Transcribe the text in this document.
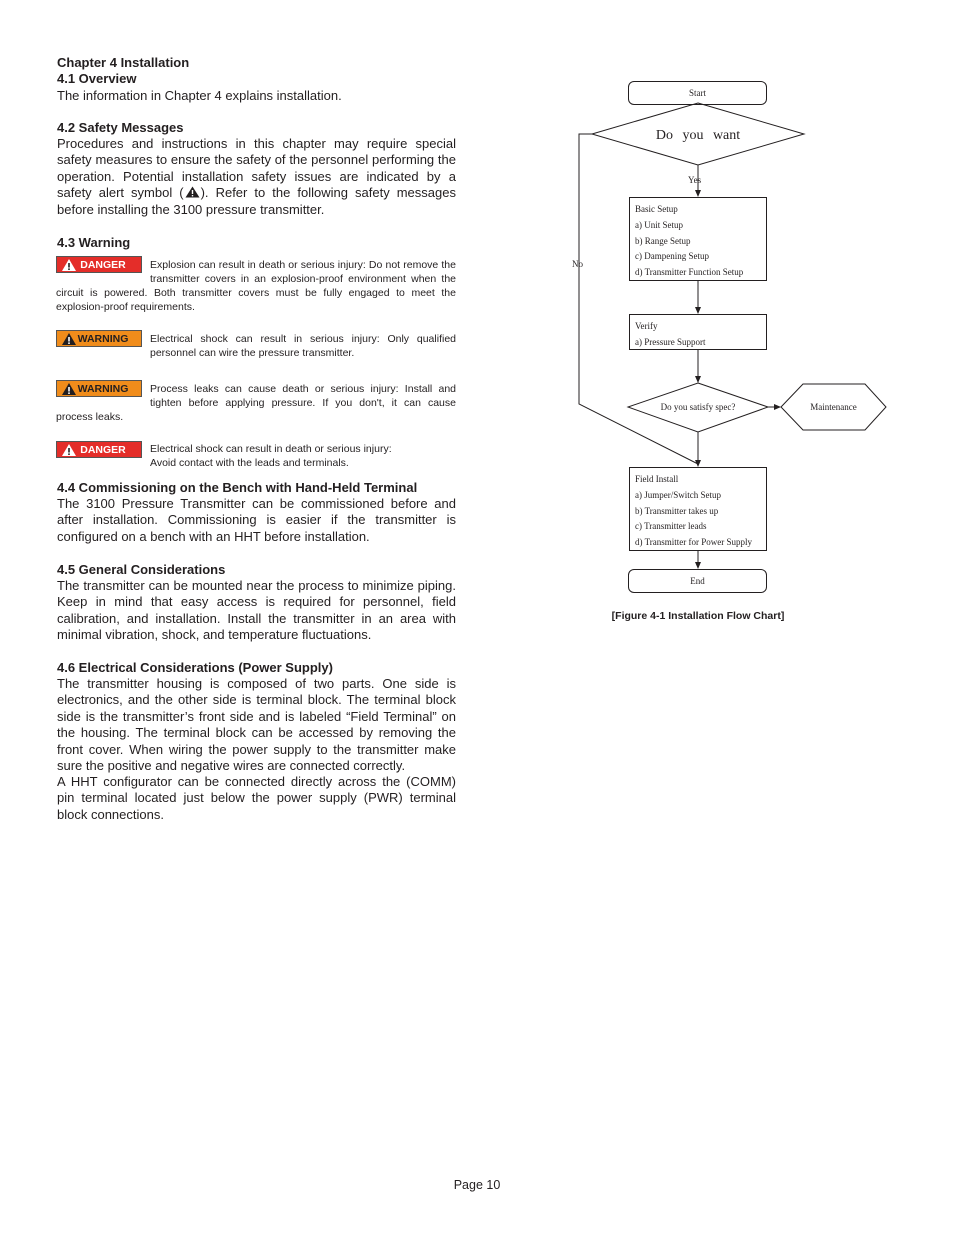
Chapter 4 Installation
4.1 Overview
The information in Chapter 4 explains installation.
4.2 Safety Messages
Procedures and instructions in this chapter may require special safety measures to ensure the safety of the personnel performing the operation. Potential installation safety issues are indicated by a safety alert symbol ( ). Refer to the following safety messages before installing the 3100 pressure transmitter.
4.3 Warning
DANGER	Explosion can result in death or serious injury: Do not remove the transmitter covers in an explosion-proof environment when the circuit is powered. Both transmitter covers must be fully engaged to meet the explosion-proof requirements.
WARNING	Electrical shock can result in serious injury: Only qualified personnel can wire the pressure transmitter.
WARNING	Process leaks can cause death or serious injury: Install and tighten before applying pressure. If you don't, it can cause process leaks.
DANGER	Electrical shock can result in death or serious injury:
Avoid contact with the leads and terminals.
4.4 Commissioning on the Bench with Hand-Held Terminal
The 3100 Pressure Transmitter can be commissioned before and after installation. Commissioning is easier if the transmitter is configured on a bench with an HHT before installation.
4.5 General Considerations
The transmitter can be mounted near the process to minimize piping. Keep in mind that easy access is required for personnel, field calibration, and installation. Install the transmitter in an area with minimal vibration, shock, and temperature fluctuations.
4.6 Electrical Considerations (Power Supply)
The transmitter housing is composed of two parts. One side is electronics, and the other side is terminal block. The terminal block side is the transmitter’s front side and is labeled “Field Terminal” on the housing. The terminal block can be accessed by removing the front cover. When wiring the power supply to the transmitter make sure the positive and negative wires are connected correctly.
A HHT configurator can be connected directly across the (COMM) pin terminal located just below the power supply (PWR) terminal block connections.
Start
Do you want
Yes
No
Basic Setup
a) Unit Setup
b) Range Setup
c) Dampening Setup
d) Transmitter Function Setup
Verify
a) Pressure Support
Do you satisfy spec?	Maintenance
Field Install
a) Jumper/Switch Setup
b) Transmitter takes up
c) Transmitter leads
d) Transmitter for Power Supply
End
[Figure 4-1 Installation Flow Chart]
Page 10
